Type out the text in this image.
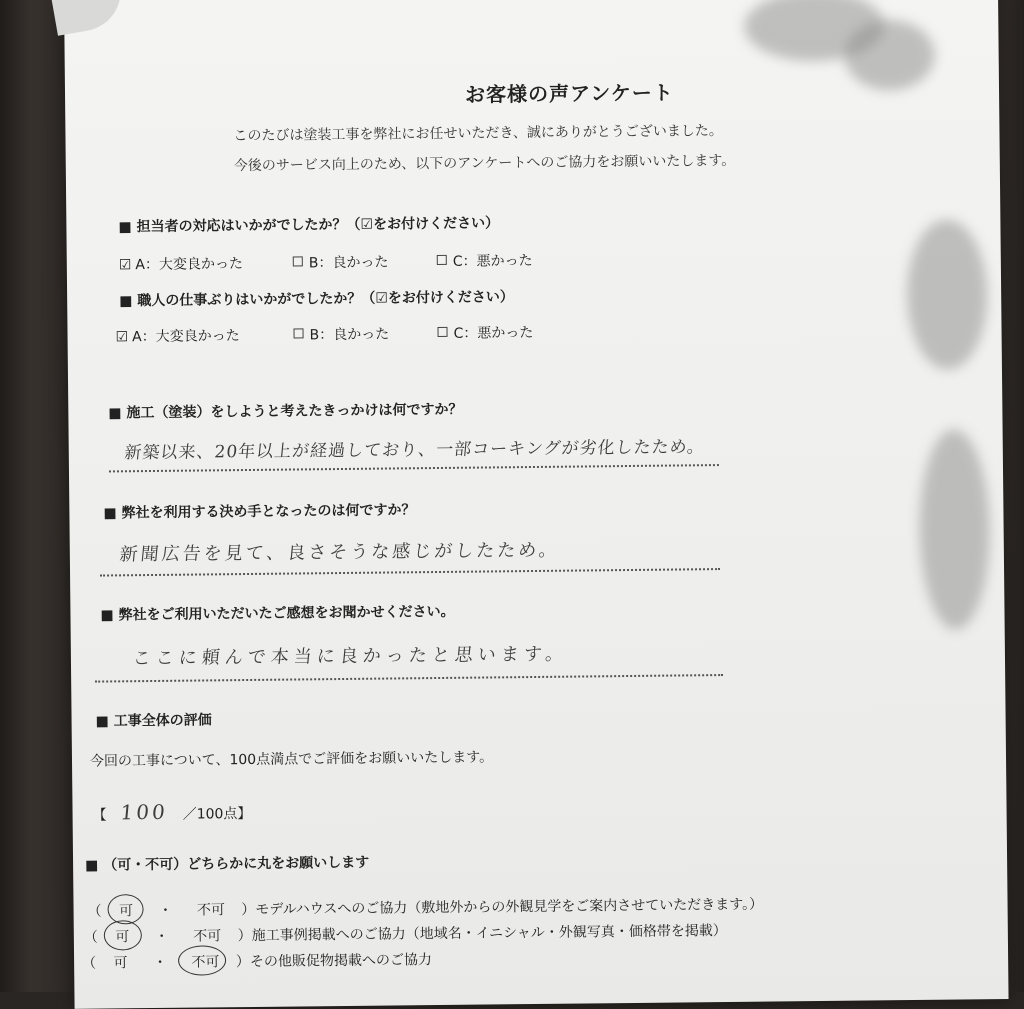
お客様の声アンケート
このたびは塗装工事を弊社にお任せいただき、誠にありがとうございました。
今後のサービス向上のため、以下のアンケートへのご協力をお願いいたします。
■ 担当者の対応はいかがでしたか？（☑をお付けください）
☑ A：大変良かった	B：良かった	C：悪かった
■ 職人の仕事ぶりはいかがでしたか？（☑をお付けください）
☑ A：大変良かった	B：良かった	C：悪かった
■ 施工（塗装）をしようと考えたきっかけは何ですか？
新築以来、20年以上が経過しており、一部コーキングが劣化したため。
■ 弊社を利用する決め手となったのは何ですか？
新聞広告を見て、良さそうな感じがしたため。
■ 弊社をご利用いただいたご感想をお聞かせください。
ここに頼んで本当に良かったと思います。
■ 工事全体の評価
今回の工事について、100点満点でご評価をお願いいたします。
【 100 ／100点】
■ （可・不可）どちらかに丸をお願いします
（ 可 ・ 不可 ）モデルハウスへのご協力（敷地外からの外観見学をご案内させていただきます。）
（ 可 ・ 不可 ）施工事例掲載へのご協力（地域名・イニシャル・外観写真・価格帯を掲載）
（ 可 ・ 不可 ）その他販促物掲載へのご協力
